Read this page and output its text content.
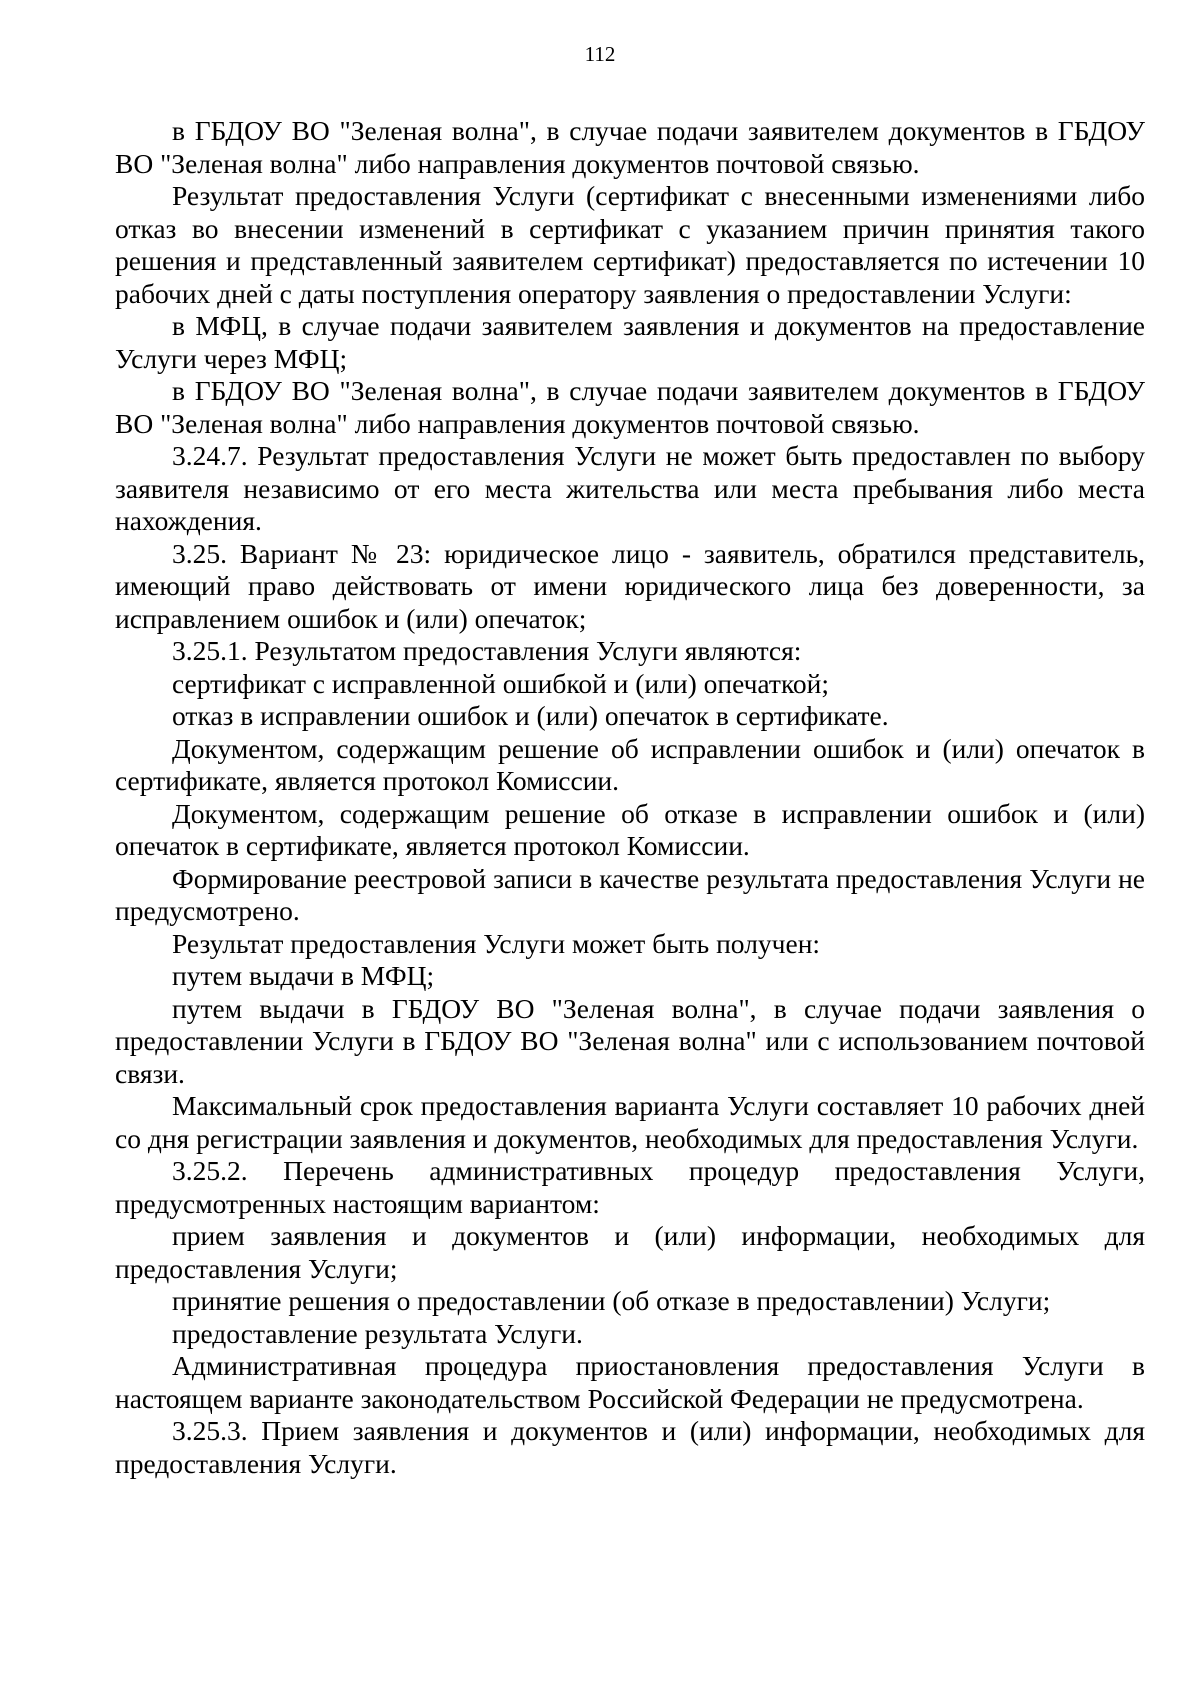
112

в ГБДОУ ВО "Зеленая волна", в случае подачи заявителем документов в ГБДОУ ВО "Зеленая волна" либо направления документов почтовой связью.

Результат предоставления Услуги (сертификат с внесенными изменениями либо отказ во внесении изменений в сертификат с указанием причин принятия такого решения и представленный заявителем сертификат) предоставляется по истечении 10 рабочих дней с даты поступления оператору заявления о предоставлении Услуги:

в МФЦ, в случае подачи заявителем заявления и документов на предоставление Услуги через МФЦ;

в ГБДОУ ВО "Зеленая волна", в случае подачи заявителем документов в ГБДОУ ВО "Зеленая волна" либо направления документов почтовой связью.

3.24.7. Результат предоставления Услуги не может быть предоставлен по выбору заявителя независимо от его места жительства или места пребывания либо места нахождения.

3.25. Вариант № 23: юридическое лицо - заявитель, обратился представитель, имеющий право действовать от имени юридического лица без доверенности, за исправлением ошибок и (или) опечаток;

3.25.1. Результатом предоставления Услуги являются:

сертификат с исправленной ошибкой и (или) опечаткой;

отказ в исправлении ошибок и (или) опечаток в сертификате.

Документом, содержащим решение об исправлении ошибок и (или) опечаток в сертификате, является протокол Комиссии.

Документом, содержащим решение об отказе в исправлении ошибок и (или) опечаток в сертификате, является протокол Комиссии.

Формирование реестровой записи в качестве результата предоставления Услуги не предусмотрено.

Результат предоставления Услуги может быть получен:

путем выдачи в МФЦ;

путем выдачи в ГБДОУ ВО "Зеленая волна", в случае подачи заявления о предоставлении Услуги в ГБДОУ ВО "Зеленая волна" или с использованием почтовой связи.

Максимальный срок предоставления варианта Услуги составляет 10 рабочих дней со дня регистрации заявления и документов, необходимых для предоставления Услуги.

3.25.2. Перечень административных процедур предоставления Услуги, предусмотренных настоящим вариантом:

прием заявления и документов и (или) информации, необходимых для предоставления Услуги;

принятие решения о предоставлении (об отказе в предоставлении) Услуги;

предоставление результата Услуги.

Административная процедура приостановления предоставления Услуги в настоящем варианте законодательством Российской Федерации не предусмотрена.

3.25.3. Прием заявления и документов и (или) информации, необходимых для предоставления Услуги.
